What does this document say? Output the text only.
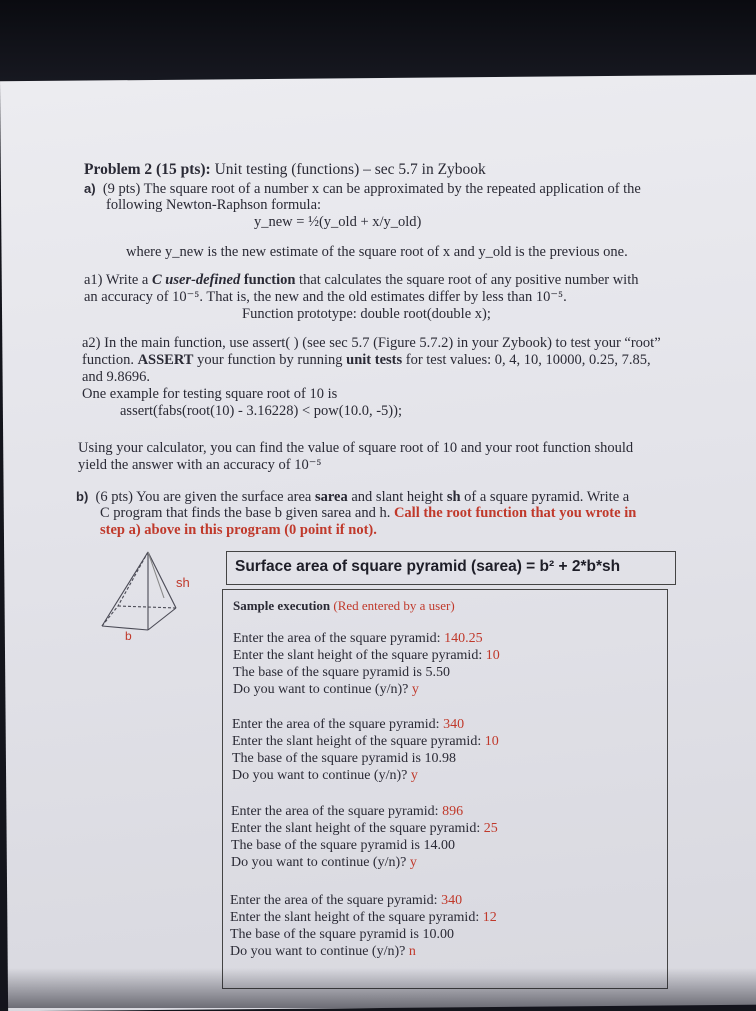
Problem 2 (15 pts): Unit testing (functions) – sec 5.7 in Zybook
a) (9 pts) The square root of a number x can be approximated by the repeated application of the
following Newton-Raphson formula:
y_new = ½(y_old + x/y_old)
where y_new is the new estimate of the square root of x and y_old is the previous one.
a1) Write a C user-defined function that calculates the square root of any positive number with
an accuracy of 10⁻⁵. That is, the new and the old estimates differ by less than 10⁻⁵.
Function prototype: double root(double x);
a2) In the main function, use assert( ) (see sec 5.7 (Figure 5.7.2) in your Zybook) to test your “root”
function. ASSERT your function by running unit tests for test values: 0, 4, 10, 10000, 0.25, 7.85,
and 9.8696.
One example for testing square root of 10 is
assert(fabs(root(10) - 3.16228) < pow(10.0, -5));
Using your calculator, you can find the value of square root of 10 and your root function should
yield the answer with an accuracy of 10⁻⁵
b) (6 pts) You are given the surface area sarea and slant height sh of a square pyramid. Write a
C program that finds the base b given sarea and h. Call the root function that you wrote in
step a) above in this program (0 point if not).
sh
b
Surface area of square pyramid (sarea) = b² + 2*b*sh
Sample execution (Red entered by a user)
Enter the area of the square pyramid: 140.25
Enter the slant height of the square pyramid: 10
The base of the square pyramid is 5.50
Do you want to continue (y/n)? y
Enter the area of the square pyramid: 340
Enter the slant height of the square pyramid: 10
The base of the square pyramid is 10.98
Do you want to continue (y/n)? y
Enter the area of the square pyramid: 896
Enter the slant height of the square pyramid: 25
The base of the square pyramid is 14.00
Do you want to continue (y/n)? y
Enter the area of the square pyramid: 340
Enter the slant height of the square pyramid: 12
The base of the square pyramid is 10.00
Do you want to continue (y/n)? n
